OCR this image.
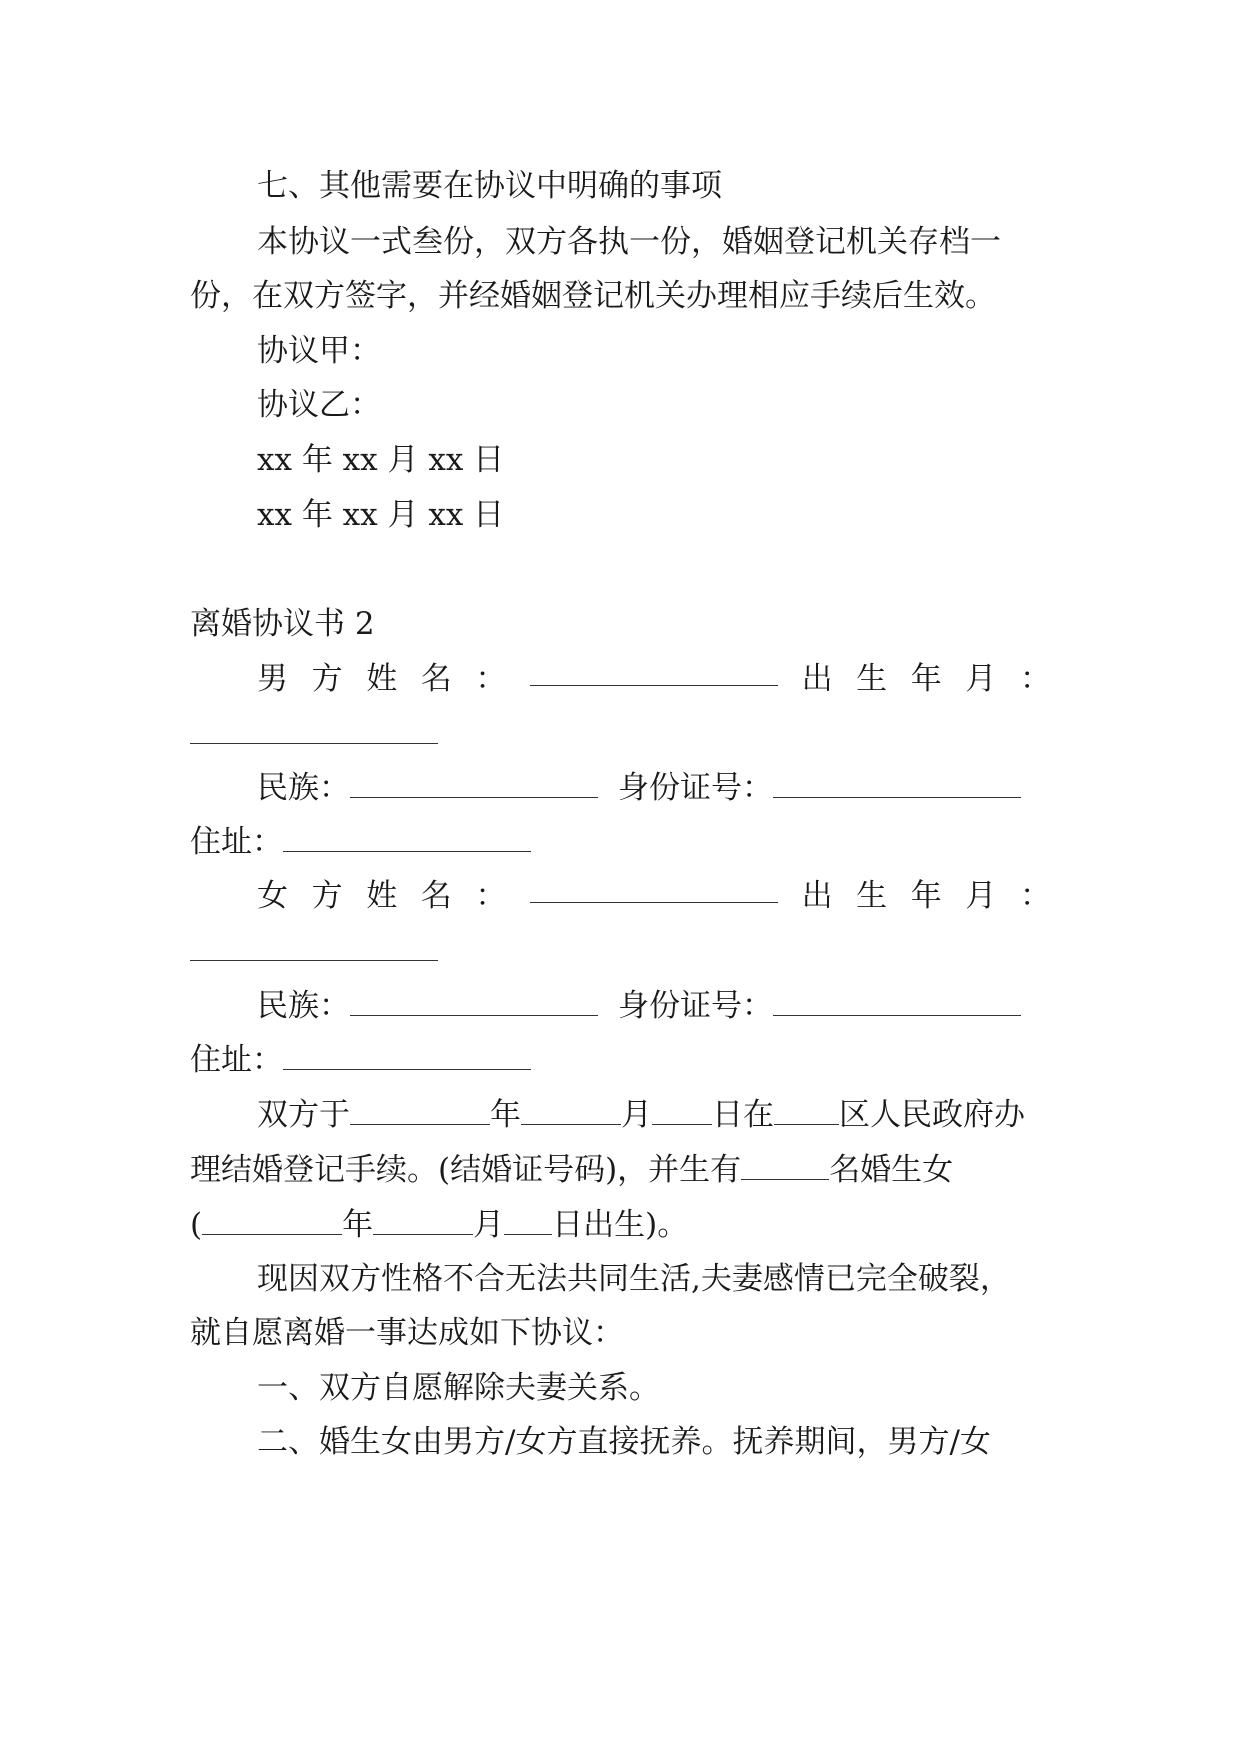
七、其他需要在协议中明确的事项
本协议一式叁份，双方各执一份，婚姻登记机关存档一
份，在双方签字，并经婚姻登记机关办理相应手续后生效。
协议甲：
协议乙：
xx 年 xx 月 xx 日
xx 年 xx 月 xx 日
离婚协议书 2
男 方 姓 名 ：	出 生 年 月 ：
民族：	身份证号：
住址：
女 方 姓 名 ：	出 生 年 月 ：
民族：	身份证号：
住址：
双方于	年	月 日在 区人民政府办
理结婚登记手续。(结婚证号码)，并生有	名婚生女
(	年	月 日出生)。
现因双方性格不合无法共同生活,夫妻感情已完全破裂，
就自愿离婚一事达成如下协议：
一、双方自愿解除夫妻关系。
二、婚生女由男方/女方直接抚养。抚养期间，男方/女
